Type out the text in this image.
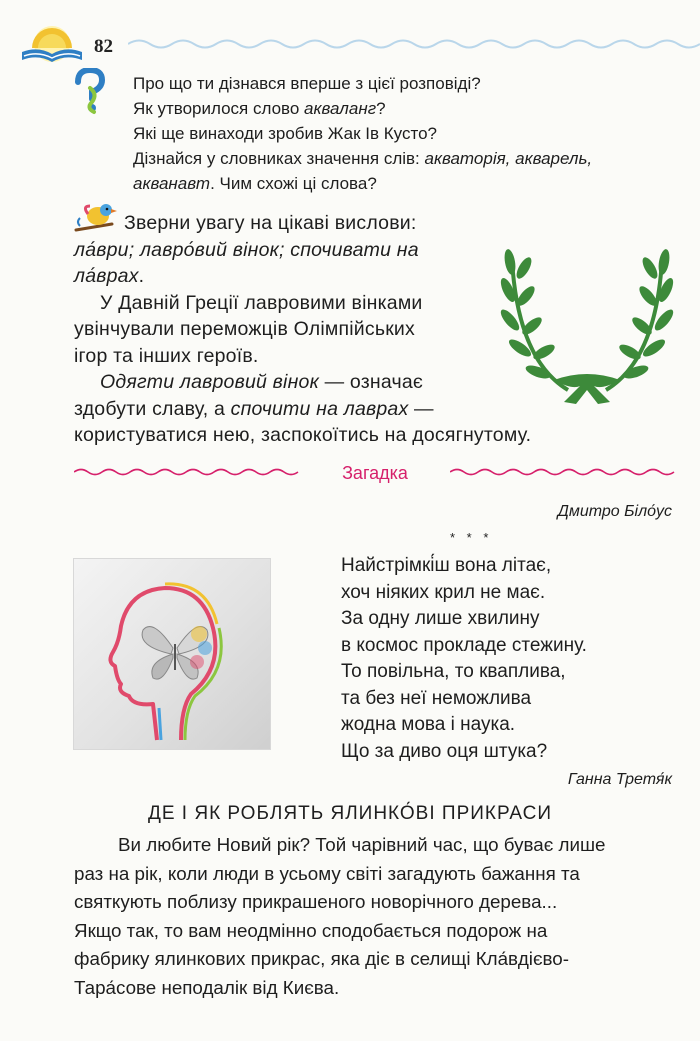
82
Про що ти дізнався вперше з цієї розповіді?
Як утворилося слово акваланг?
Які ще винаходи зробив Жак Ів Кусто?
Дізнайся у словниках значення слів: акваторія, акварель,
акванавт. Чим схожі ці слова?
Зверни увагу на цікаві вислови:
ла́ври; лавро́вий вінок; спочивати на
ла́врах.
У Давній Греції лавровими вінками
увінчували переможців Олімпійських
ігор та інших героїв.
Одягти лавровий вінок — означає
здобути славу, а спочити на лаврах —
користуватися нею, заспокоїтись на досягнутому.
Загадка
Дмитро Біло́ус
* * *
Найстрімкі́ш вона літає,
хоч ніяких крил не має.
За одну лише хвилину
в космос прокладе стежину.
То повільна, то кваплива,
та без неї неможлива
жодна мова і наука.
Що за диво оця штука?
Ганна Третя́к
ДЕ І ЯК РОБЛЯТЬ ЯЛИНКО́ВІ ПРИКРАСИ
Ви любите Новий рік? Той чарівний час, що буває лише
раз на рік, коли люди в усьому світі загадують бажання та
святкують поблизу прикрашеного новорічного дерева...
Якщо так, то вам неодмінно сподобається подорож на
фабрику ялинкових прикрас, яка діє в селищі Кла́вдієво-
Тара́сове неподалік від Києва.
